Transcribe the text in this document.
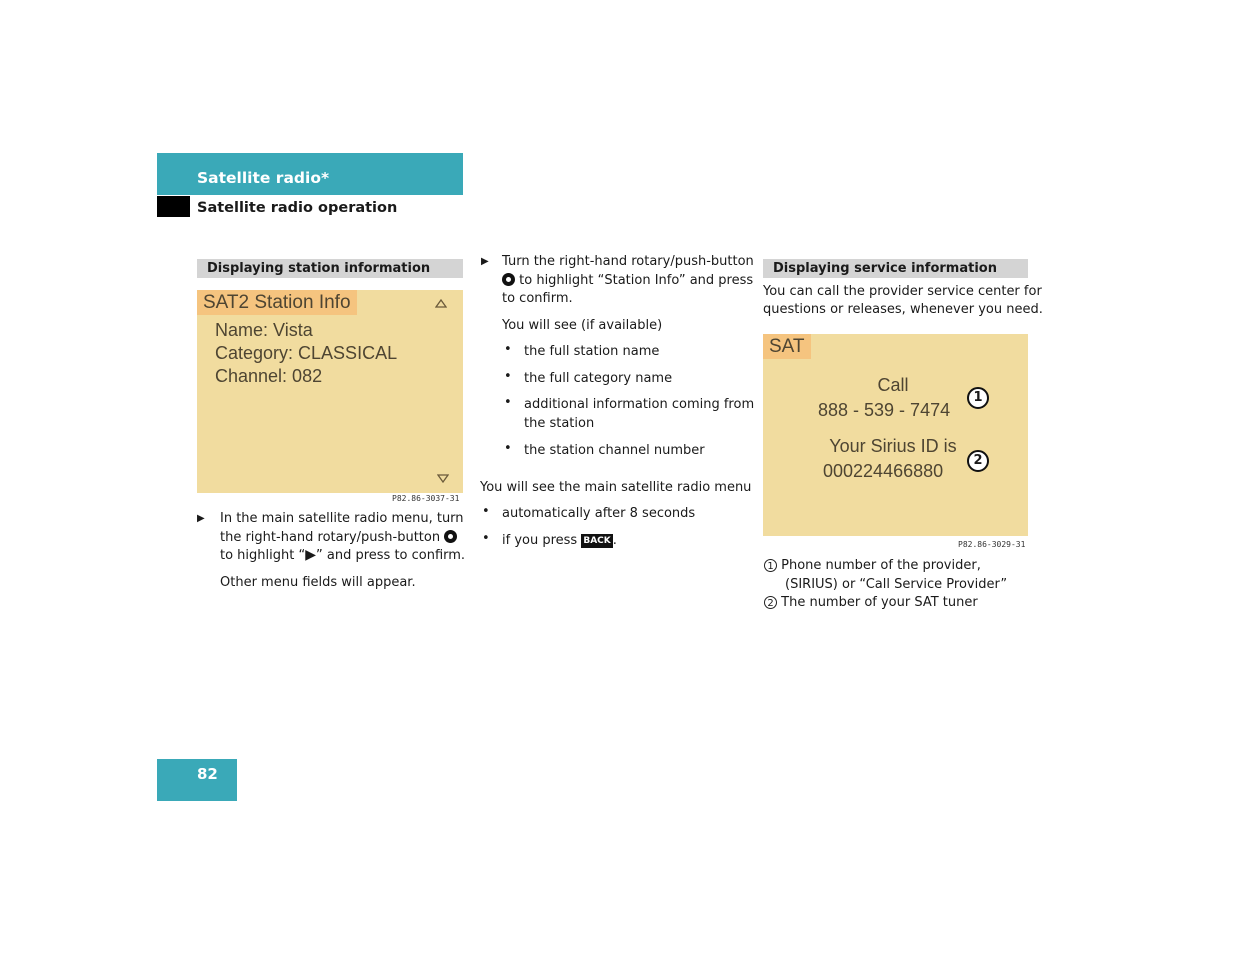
Satellite radio*
Satellite radio operation
Displaying station information
SAT2 Station Info
Name: Vista
Category: CLASSICAL
Channel: 082
P82.86-3037-31
▶ In the main satellite radio menu, turn
the right-hand rotary/push-button
to highlight “▶” and press to confirm.
Other menu fields will appear.
▶ Turn the right-hand rotary/push-button
to highlight “Station Info” and press
to confirm.
You will see (if available)
• the full station name
• the full category name
• additional information coming from
the station
• the station channel number
You will see the main satellite radio menu
• automatically after 8 seconds
• if you press BACK .
Displaying service information
You can call the provider service center for
questions or releases, whenever you need.
SAT
Call
888 - 539 - 7474
Your Sirius ID is
000224466880
1
2
P82.86-3029-31
1 Phone number of the provider,
(SIRIUS) or “Call Service Provider”
2 The number of your SAT tuner
82
